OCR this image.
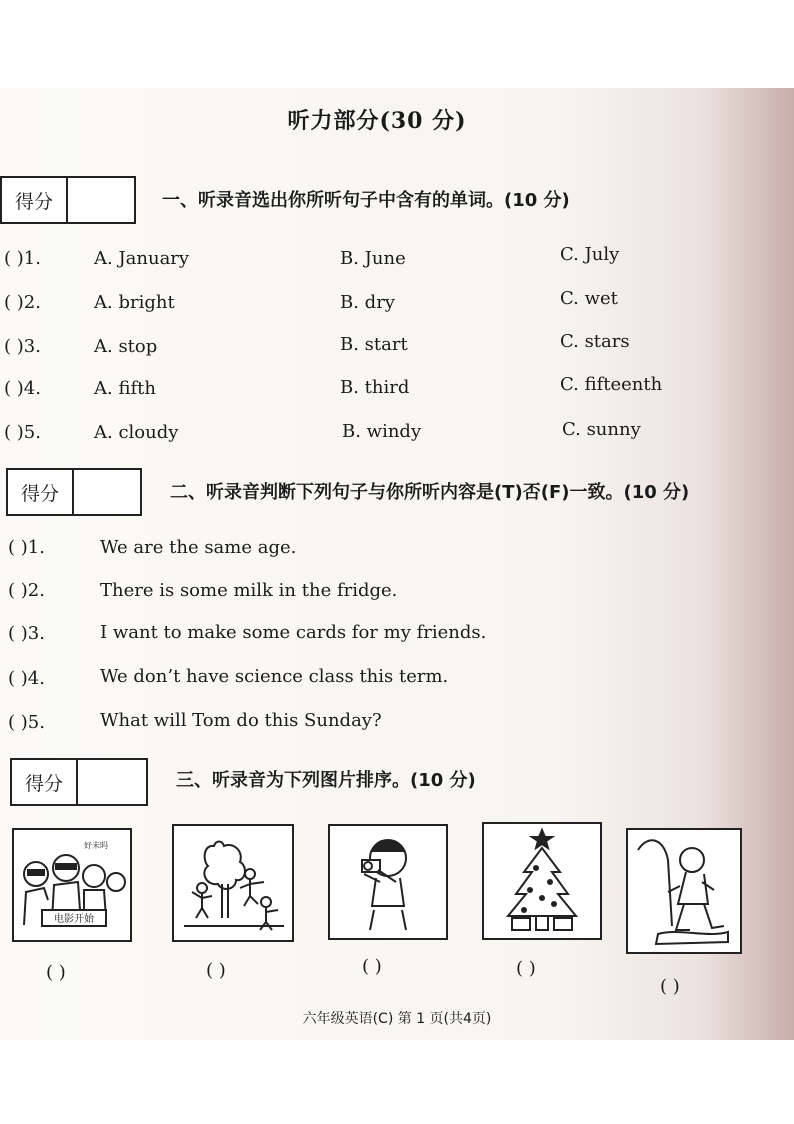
听力部分(30 分)
得分	一、听录音选出你所听句子中含有的单词。(10 分)
( )1.	A. January	B. June	C. July
( )2.	A. bright	B. dry	C. wet
( )3.	A. stop	B. start	C. stars
( )4.	A. fifth	B. third	C. fifteenth
( )5.	A. cloudy	B. windy	C. sunny
得分	二、听录音判断下列句子与你所听内容是(T)否(F)一致。(10 分)
( )1.	We are the same age.
( )2.	There is some milk in the fridge.
( )3.	I want to make some cards for my friends.
( )4.	We don’t have science class this term.
( )5.	What will Tom do this Sunday?
得分	三、听录音为下列图片排序。(10 分)
电影开始
好未吗
( )	( )	( )	( )
( )
六年级英语(C) 第 1 页(共4页)
